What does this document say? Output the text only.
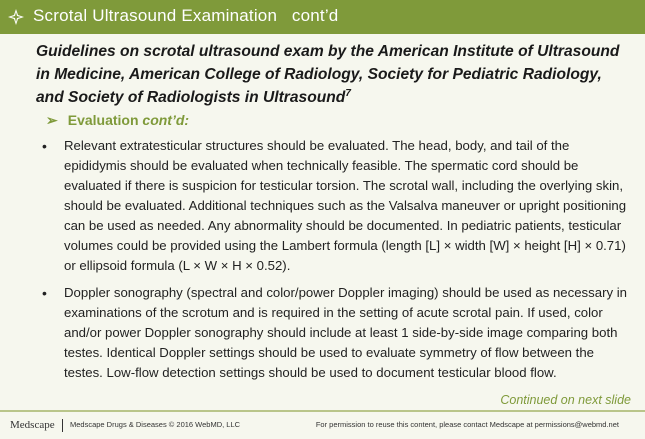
Scrotal Ultrasound Examination   cont’d
Guidelines on scrotal ultrasound exam by the American Institute of Ultrasound in Medicine, American College of Radiology, Society for Pediatric Radiology, and Society of Radiologists in Ultrasound$^7$
➢ Evaluation cont’d:
• Relevant extratesticular structures should be evaluated. The head, body, and tail of the epididymis should be evaluated when technically feasible. The spermatic cord should be evaluated if there is suspicion for testicular torsion. The scrotal wall, including the overlying skin, should be evaluated. Additional techniques such as the Valsalva maneuver or upright positioning can be used as needed. Any abnormality should be documented. In pediatric patients, testicular volumes could be provided using the Lambert formula (length [L] × width [W] × height [H] × 0.71) or ellipsoid formula (L × W × H × 0.52).

• Doppler sonography (spectral and color/power Doppler imaging) should be used as necessary in examinations of the scrotum and is required in the setting of acute scrotal pain. If used, color and/or power Doppler sonography should include at least 1 side-by-side image comparing both testes. Identical Doppler settings should be used to evaluate symmetry of flow between the testes. Low-flow detection settings should be used to document testicular blood flow.

Continued on next slide
Medscape Medscape Drugs & Diseases © 2016 WebMD, LLC	For permission to reuse this content, please contact Medscape at permissions@webmd.net
